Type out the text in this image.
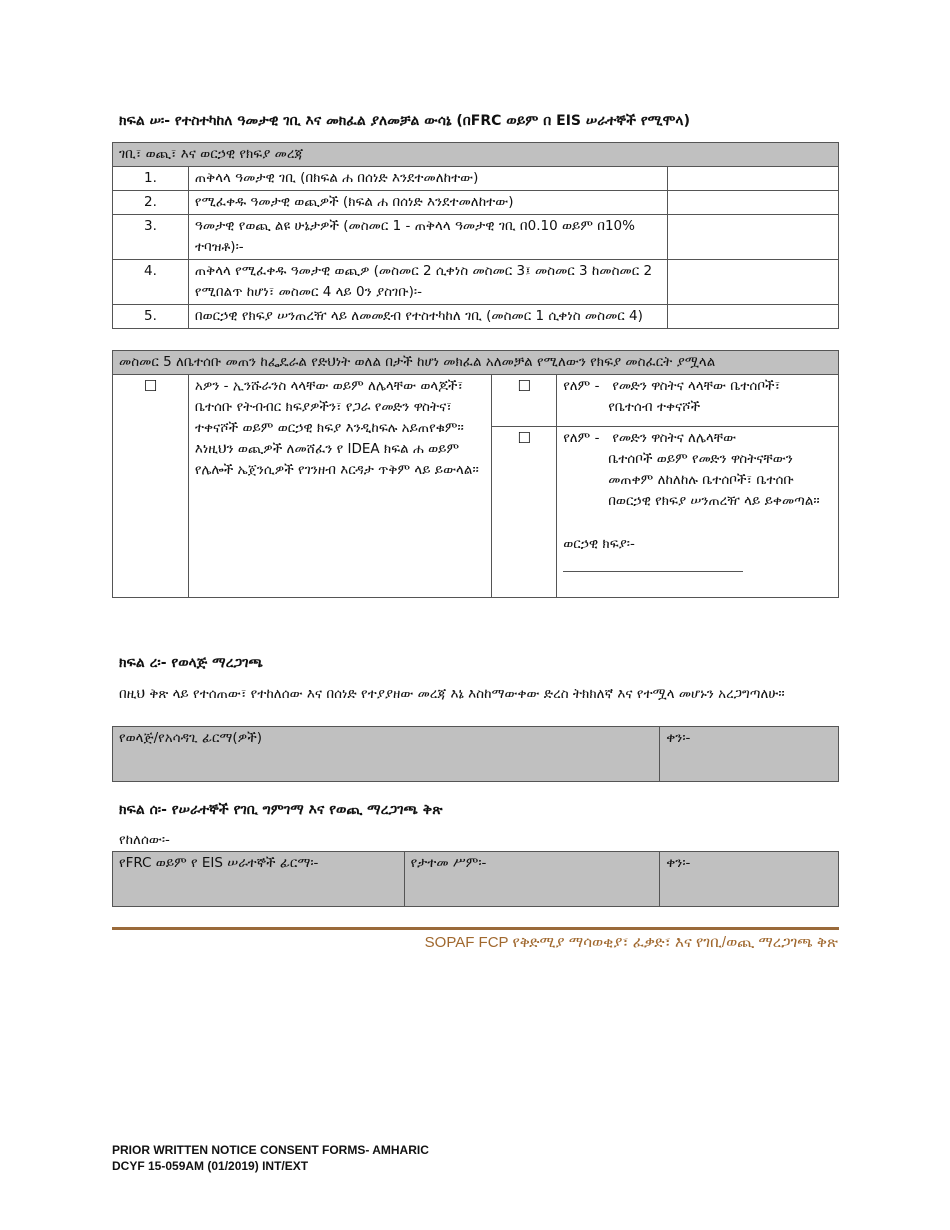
ክፍል ሠ፡- የተስተካከለ ዓመታዊ ገቢ እና መክፈል ያለመቻል ውሳኔ (በFRC ወይም በ EIS ሠራተኞች የሚሞላ)
ገቢ፣ ወጪ፣ እና ወርኃዊ የክፍያ መረጃ		
1.	ጠቅላላ ዓመታዊ ገቢ (በክፍል ሐ በሰነድ እንደተመለከተው)	
2.	የሚፈቀዱ ዓመታዊ ወጪዎች (ክፍል ሐ በሰነድ እንደተመለከተው)	
3.	ዓመታዊ የወጪ ልዩ ሁኔታዎች (መስመር 1 - ጠቅላላ ዓመታዊ ገቢ በ0.10 ወይም በ10% ተባዝቶ)፡-	
4.	ጠቅላላ የሚፈቀዱ ዓመታዊ ወጪዎ (መስመር 2 ሲቀነስ መስመር 3፤ መስመር 3 ከመስመር 2 የሚበልጥ ከሆነ፣ መስመር 4 ላይ 0ን ያስገቡ)፡-	
5.	በወርኃዊ የክፍያ ሠንጠረዥ ላይ ለመመደብ የተስተካከለ ገቢ (መስመር 1 ሲቀነስ መስመር 4)	
መስመር 5 ለቤተሰቡ መጠን ከፌዴራል የድህነት ወለል በታች ከሆነ መክፈል አለመቻል የሚለውን የክፍያ መስፈርት ያሟላል			
☐	አዎን - ኢንሹራንስ ላላቸው ወይም ለሌላቸው ወላጆች፣ ቤተሰቡ የትብብር ክፍያዎችን፣ የጋራ የመድን ዋስትና፣ ተቀናሾች ወይም ወርኃዊ ክፍያ እንዲከፍሉ አይጠየቁም። እነዚህን ወጪዎች ለመሸፈን የ IDEA ክፍል ሐ ወይም የሌሎች ኤጀንሲዎች የገንዘብ እርዳታ ጥቅም ላይ ይውላል።	☐	የለም - የመድን ዋስትና ላላቸው ቤተሰቦች፣
የቤተሰብ ተቀናሾች

		☐	የለም - የመድን ዋስትና ለሌላቸው
ቤተሰቦች ወይም የመድን ዋስትናቸውን መጠቀም ለከለከሉ ቤተሰቦች፣ ቤተሰቡ በወርኃዊ የክፍያ ሠንጠረዥ ላይ ይቀመጣል።
ወርኃዊ ክፍያ፡-
ክፍል ረ፡- የወላጅ ማረጋገጫ
በዚህ ቅጽ ላይ የተሰጠው፣ የተከለሰው እና በሰነድ የተያያዘው መረጃ እኔ እስከማውቀው ድረስ ትክክለኛ እና የተሟላ መሆኑን አረጋግጣለሁ።
የወላጅ/የአሳዳጊ ፊርማ(ዎች)	ቀን፡-
ክፍል ሰ፡- የሠራተኞች የገቢ ግምገማ እና የወጪ ማረጋገጫ ቅጽ
የከለሰው፡-
የFRC ወይም የ EIS ሠራተኞች ፊርማ፡-	የታተመ ሥም፡-	ቀን፡-
SOPAF FCP የቅድሚያ ማሳወቂያ፣ ፈቃድ፣ እና የገቢ/ወጪ ማረጋገጫ ቅጽ
PRIOR WRITTEN NOTICE CONSENT FORMS- AMHARIC
DCYF 15-059AM (01/2019) INT/EXT
